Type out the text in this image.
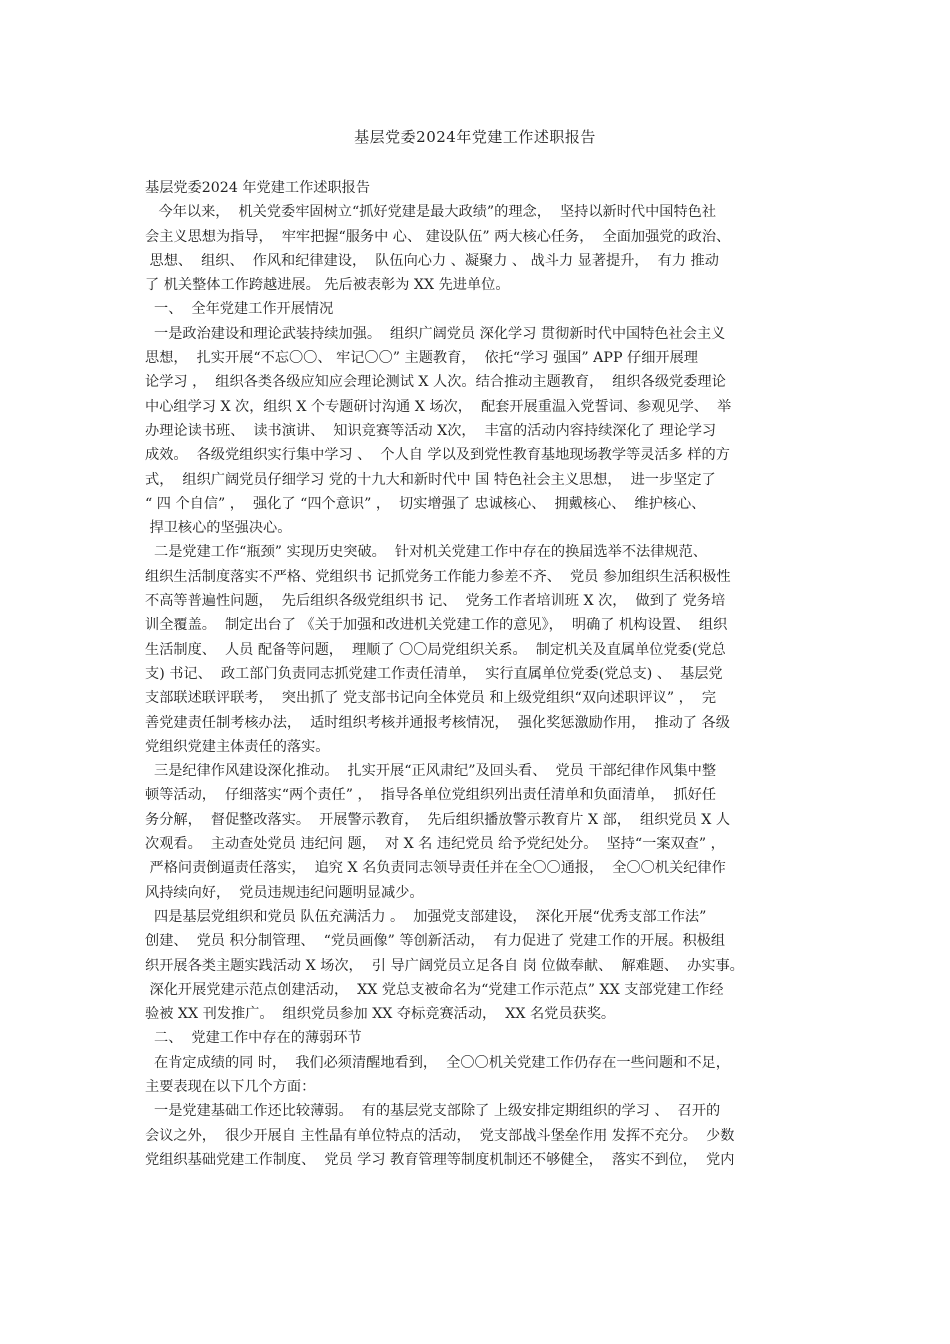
基层党委2024年党建工作述职报告
基层党委2024 年党建工作述职报告
今年以来，  机关党委牢固树立“抓好党建是最大政绩”的理念，  坚持以新时代中国特色社
会主义思想为指导，  牢牢把握“服务中 心、 建设队伍” 两大核心任务，  全面加强党的政治、
思想、  组织、  作风和纪律建设，  队伍向心力 、凝聚力 、 战斗力 显著提升，  有力 推动
了 机关整体工作跨越进展。 先后被表彰为 XX 先进单位。
一、  全年党建工作开展情况
一是政治建设和理论武装持续加强。  组织广阔党员 深化学习 贯彻新时代中国特色社会主义
思想，  扎实开展“不忘〇〇、 牢记〇〇” 主题教育，  依托“学习 强国” APP 仔细开展理
论学习 ，  组织各类各级应知应会理论测试 X 人次。结合推动主题教育，  组织各级党委理论
中心组学习 X 次，组织 X 个专题研讨沟通 X 场次，  配套开展重温入党誓词、参观见学、  举
办理论读书班、  读书演讲、  知识竞赛等活动 X次，  丰富的活动内容持续深化了 理论学习
成效。  各级党组织实行集中学习 、  个人自 学以及到党性教育基地现场教学等灵活多 样的方
式，  组织广阔党员仔细学习 党的十九大和新时代中 国 特色社会主义思想，  进一步坚定了
“ 四 个自信” ，  强化了 “四个意识” ，  切实增强了 忠诚核心、  拥戴核心、  维护核心、
捍卫核心的坚强决心。
二是党建工作“瓶颈” 实现历史突破。  针对机关党建工作中存在的换届选举不法律规范、
组织生活制度落实不严格、党组织书 记抓党务工作能力参差不齐、  党员 参加组织生活积极性
不高等普遍性问题，  先后组织各级党组织书 记、  党务工作者培训班 X 次，  做到了 党务培
训全覆盖。  制定出台了 《关于加强和改进机关党建工作的意见》，  明确了 机构设置、  组织
生活制度、  人员 配备等问题，  理顺了 〇〇局党组织关系。  制定机关及直属单位党委(党总
支) 书记、  政工部门负责同志抓党建工作责任清单，  实行直属单位党委(党总支) 、  基层党
支部联述联评联考，  突出抓了 党支部书记向全体党员 和上级党组织“双向述职评议” ，  完
善党建责任制考核办法，  适时组织考核并通报考核情况，  强化奖惩激励作用，  推动了 各级
党组织党建主体责任的落实。
三是纪律作风建设深化推动。  扎实开展“正风肃纪”及回头看、  党员 干部纪律作风集中整
顿等活动，  仔细落实“两个责任” ，  指导各单位党组织列出责任清单和负面清单，  抓好任
务分解，  督促整改落实。  开展警示教育，  先后组织播放警示教育片 X 部，  组织党员 X 人
次观看。  主动查处党员 违纪问 题，  对 X 名 违纪党员 给予党纪处分。  坚持“一案双查” ，
严格问责倒逼责任落实，  追究 X 名负责同志领导责任并在全〇〇通报，  全〇〇机关纪律作
风持续向好，  党员违规违纪问题明显减少。
四是基层党组织和党员 队伍充满活力 。  加强党支部建设，  深化开展“优秀支部工作法”
创建、  党员 积分制管理、  “党员画像” 等创新活动，  有力促进了 党建工作的开展。积极组
织开展各类主题实践活动 X 场次，  引 导广阔党员立足各自 岗 位做奉献、  解难题、  办实事。
深化开展党建示范点创建活动，  XX 党总支被命名为“党建工作示范点” XX 支部党建工作经
验被 XX 刊发推广。  组织党员参加 XX 夺标竞赛活动，  XX 名党员获奖。
二、  党建工作中存在的薄弱环节
在肯定成绩的同 时，  我们必须清醒地看到，  全〇〇机关党建工作仍存在一些问题和不足，
主要表现在以下几个方面：
一是党建基础工作还比较薄弱。  有的基层党支部除了 上级安排定期组织的学习 、  召开的
会议之外，  很少开展自 主性晶有单位特点的活动，  党支部战斗堡垒作用 发挥不充分。  少数
党组织基础党建工作制度、  党员 学习 教育管理等制度机制还不够健全，  落实不到位，  党内
